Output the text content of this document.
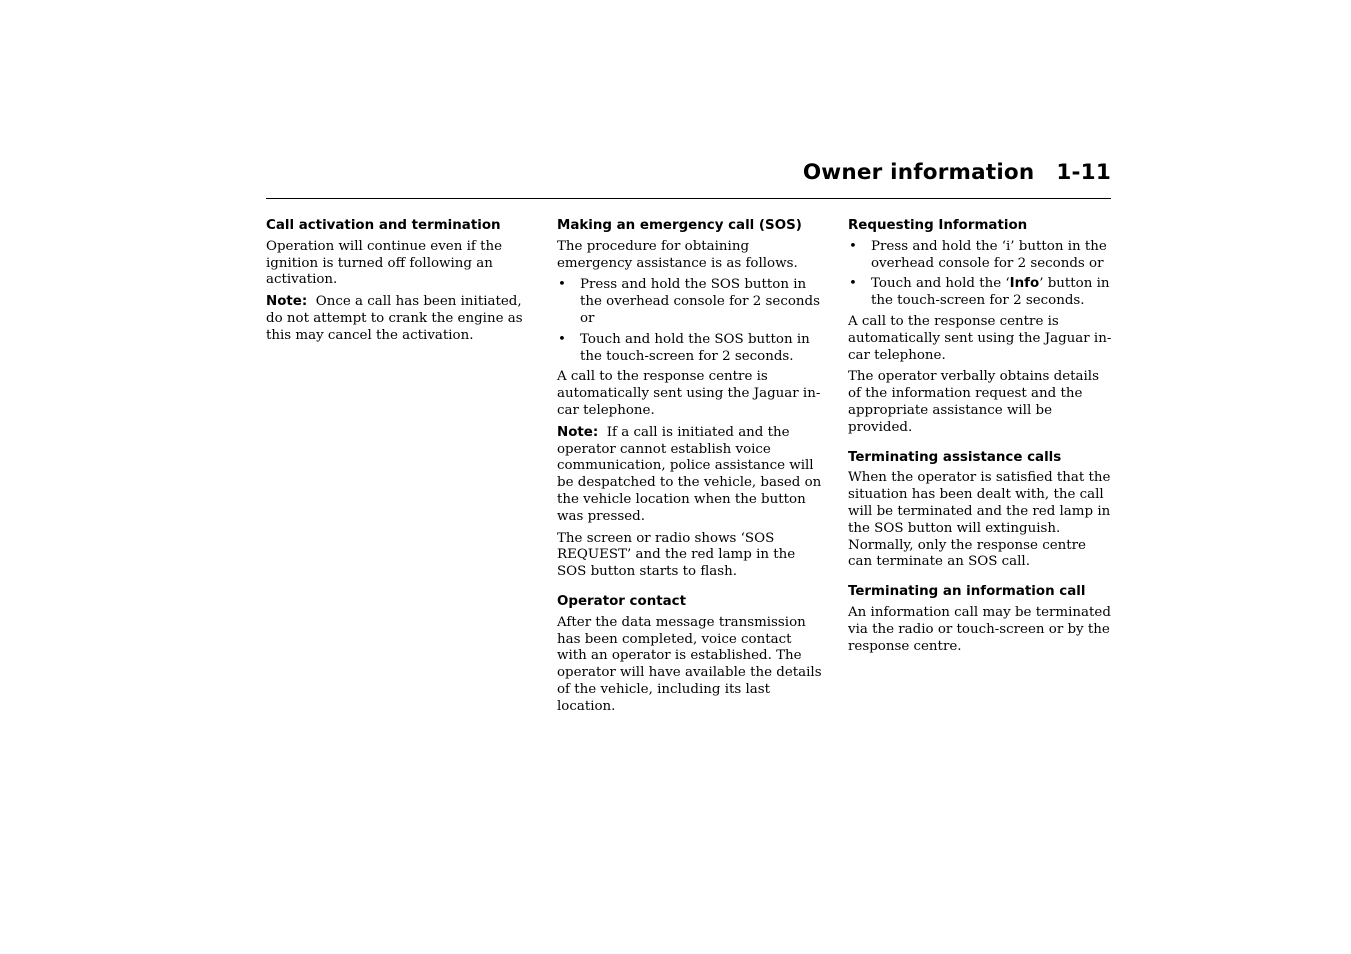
Owner information 1-11
Call activation and termination

Operation will continue even if the ignition is turned off following an activation.

Note: Once a call has been initiated, do not attempt to crank the engine as this may cancel the activation.

Making an emergency call (SOS)

The procedure for obtaining emergency assistance is as follows.

• Press and hold the SOS button in the overhead console for 2 seconds or
• Touch and hold the SOS button in the touch-screen for 2 seconds.

A call to the response centre is automatically sent using the Jaguar in-car telephone.

Note: If a call is initiated and the operator cannot establish voice communication, police assistance will be despatched to the vehicle, based on the vehicle location when the button was pressed.

The screen or radio shows ‘SOS REQUEST’ and the red lamp in the SOS button starts to flash.

Operator contact

After the data message transmission has been completed, voice contact with an operator is established. The operator will have available the details of the vehicle, including its last location.

Requesting Information
• Press and hold the ‘i’ button in the overhead console for 2 seconds or
• Touch and hold the ‘Info’ button in the touch-screen for 2 seconds.

A call to the response centre is automatically sent using the Jaguar in-car telephone.

The operator verbally obtains details of the information request and the appropriate assistance will be provided.

Terminating assistance calls

When the operator is satisfied that the situation has been dealt with, the call will be terminated and the red lamp in the SOS button will extinguish. Normally, only the response centre can terminate an SOS call.

Terminating an information call

An information call may be terminated via the radio or touch-screen or by the response centre.
